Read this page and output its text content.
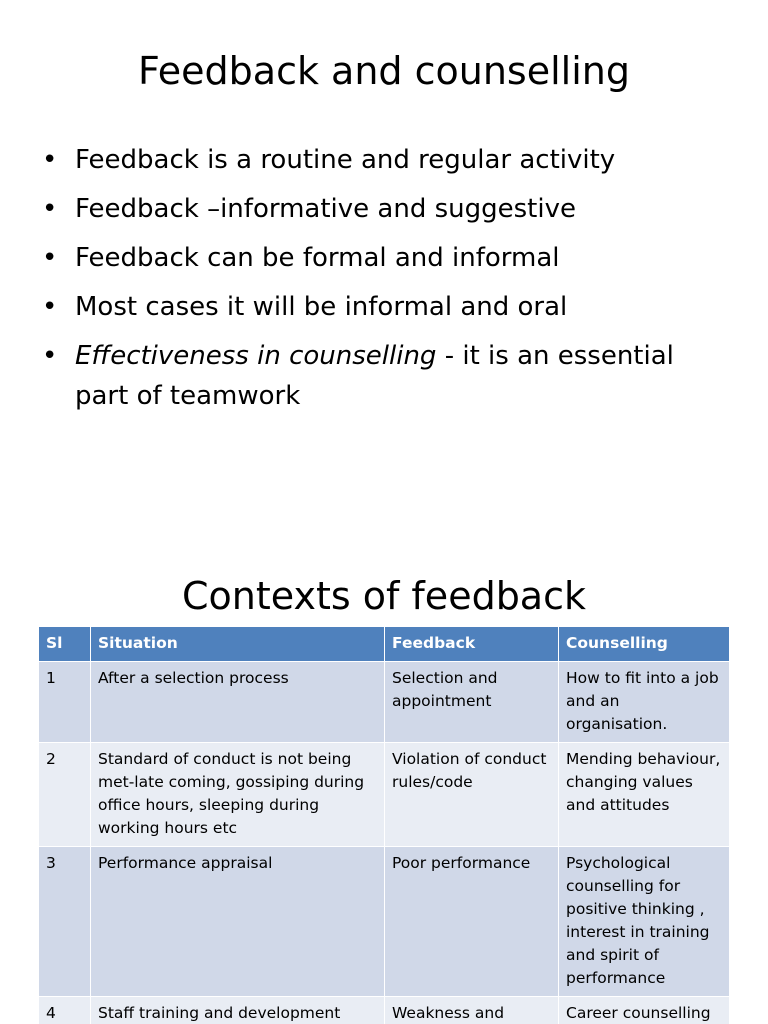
Feedback and counselling
• Feedback is a routine and regular activity
• Feedback –informative and suggestive
• Feedback can be formal and informal
• Most cases it will be informal and oral
• Effectiveness in counselling - it is an essential part of teamwork
Contexts of feedback
Sl	Situation	Feedback	Counselling
1	After a selection process	Selection and appointment	How to fit into a job and an organisation.
2	Standard of conduct is not being met-late coming, gossiping during office hours, sleeping during working hours etc	Violation of conduct rules/code	Mending behaviour, changing values and attitudes
3	Performance appraisal	Poor performance	Psychological counselling for positive thinking , interest in training and spirit of performance
4	Staff training and development	Weakness and	Career counselling
